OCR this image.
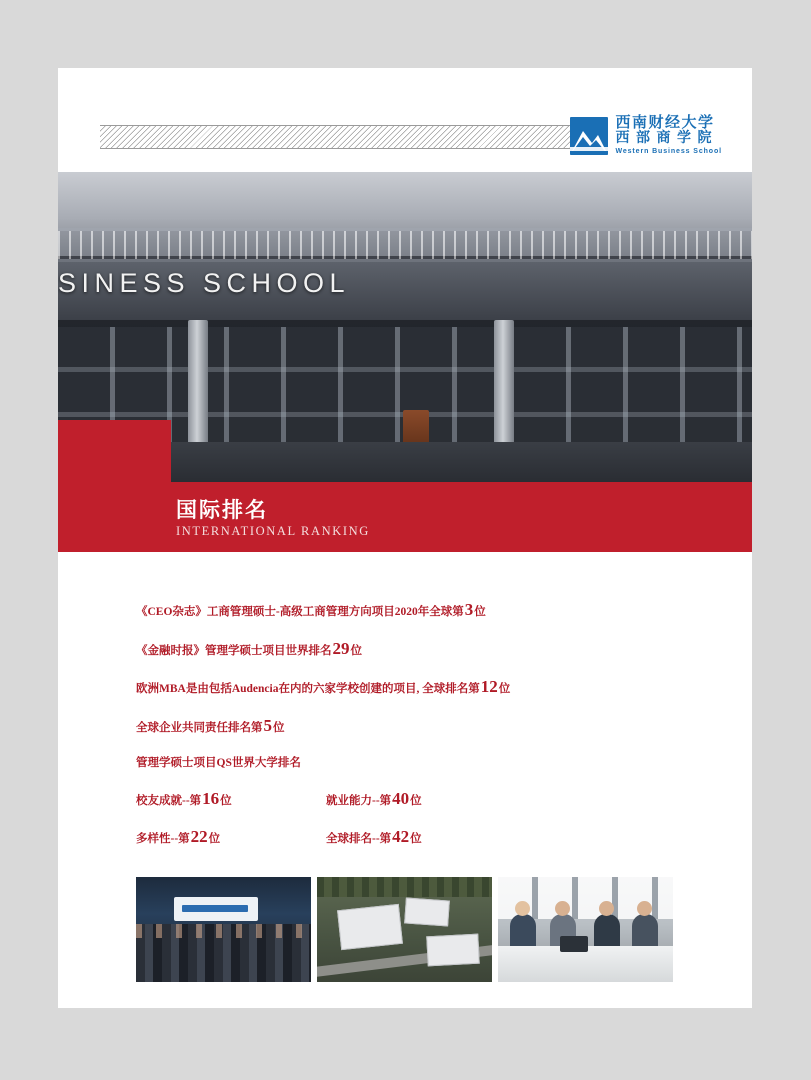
西南财经大学
西 部 商 学 院
Western Business School
SINESS SCHOOL
国际排名
INTERNATIONAL RANKING
《CEO杂志》工商管理硕士-高级工商管理方向项目2020年全球第3位
《金融时报》管理学硕士项目世界排名29位
欧洲MBA是由包括Audencia在内的六家学校创建的项目, 全球排名第12位
全球企业共同责任排名第5位
管理学硕士项目QS世界大学排名
校友成就--第16位	就业能力--第40位
多样性--第22位	全球排名--第42位
